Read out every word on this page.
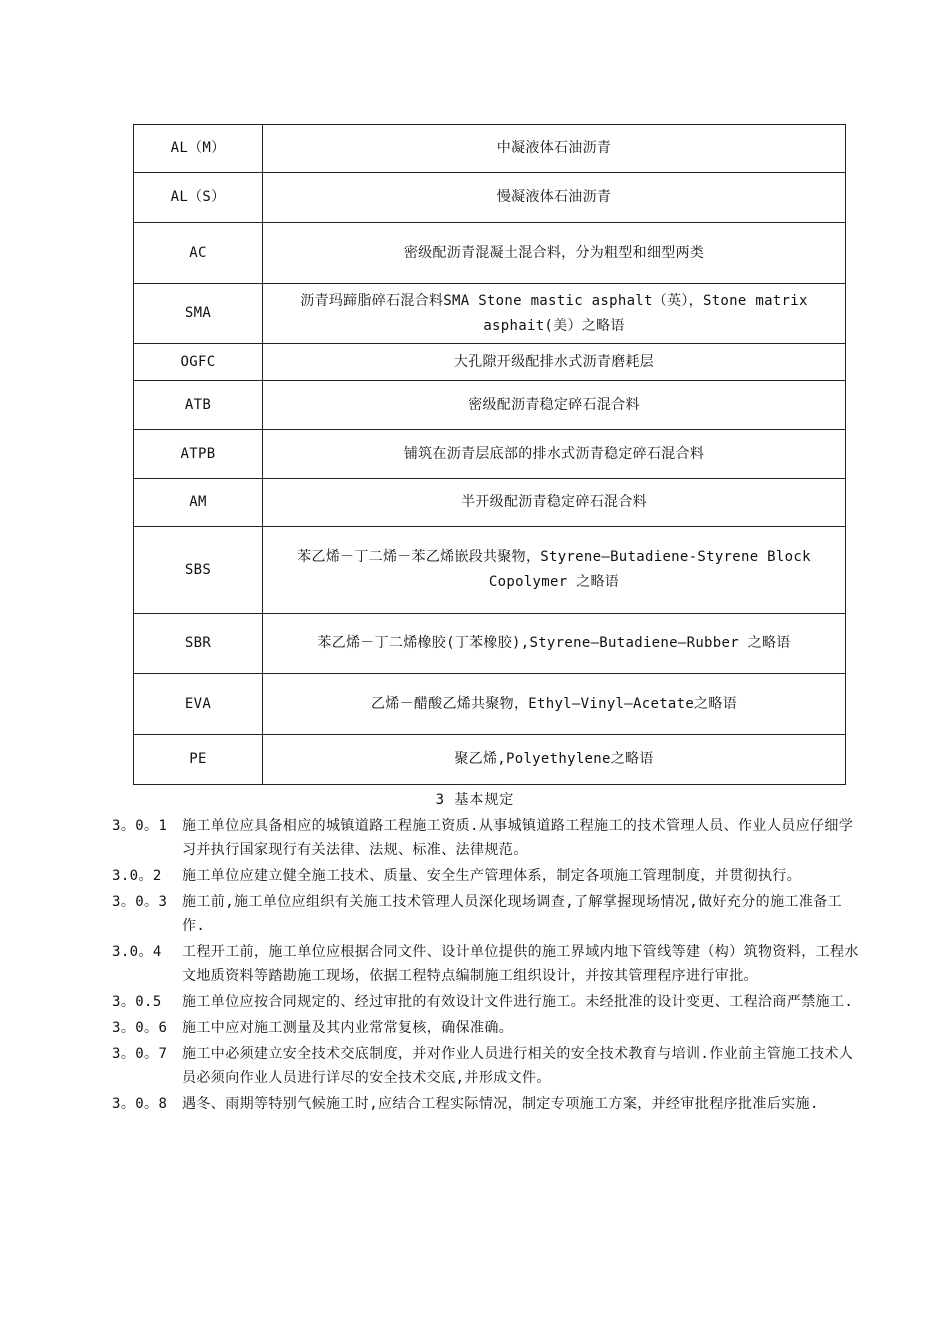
AL（M）	中凝液体石油沥青
AL（S）	慢凝液体石油沥青
AC	密级配沥青混凝土混合料，分为粗型和细型两类
SMA	沥青玛蹄脂碎石混合料SMA Stone mastic asphalt（英），Stone matrix asphait(美）之略语
OGFC	大孔隙开级配排水式沥青磨耗层
ATB	密级配沥青稳定碎石混合料
ATPB	铺筑在沥青层底部的排水式沥青稳定碎石混合料
AM	半开级配沥青稳定碎石混合料
SBS	苯乙烯－丁二烯－苯乙烯嵌段共聚物，Styrene—Butadiene-Styrene Block Copolymer 之略语
SBR	苯乙烯－丁二烯橡胶(丁苯橡胶),Styrene—Butadiene—Rubber 之略语
EVA	乙烯－醋酸乙烯共聚物，Ethyl—Vinyl—Acetate之略语
PE	聚乙烯,Polyethylene之略语
3 基本规定
3。0。1	施工单位应具备相应的城镇道路工程施工资质.从事城镇道路工程施工的技术管理人员、作业人员应仔细学习并执行国家现行有关法律、法规、标准、法律规范。
3.0。2	施工单位应建立健全施工技术、质量、安全生产管理体系，制定各项施工管理制度，并贯彻执行。
3。0。3	施工前,施工单位应组织有关施工技术管理人员深化现场调查,了解掌握现场情况,做好充分的施工准备工作.
3.0。4	工程开工前，施工单位应根据合同文件、设计单位提供的施工界域内地下管线等建（构）筑物资料，工程水文地质资料等踏勘施工现场，依据工程特点编制施工组织设计，并按其管理程序进行审批。
3。0.5	施工单位应按合同规定的、经过审批的有效设计文件进行施工。未经批准的设计变更、工程洽商严禁施工.
3。0。6	施工中应对施工测量及其内业常常复核，确保准确。
3。0。7	施工中必须建立安全技术交底制度，并对作业人员进行相关的安全技术教育与培训.作业前主管施工技术人员必须向作业人员进行详尽的安全技术交底,并形成文件。
3。0。8	遇冬、雨期等特别气候施工时,应结合工程实际情况，制定专项施工方案，并经审批程序批准后实施.
